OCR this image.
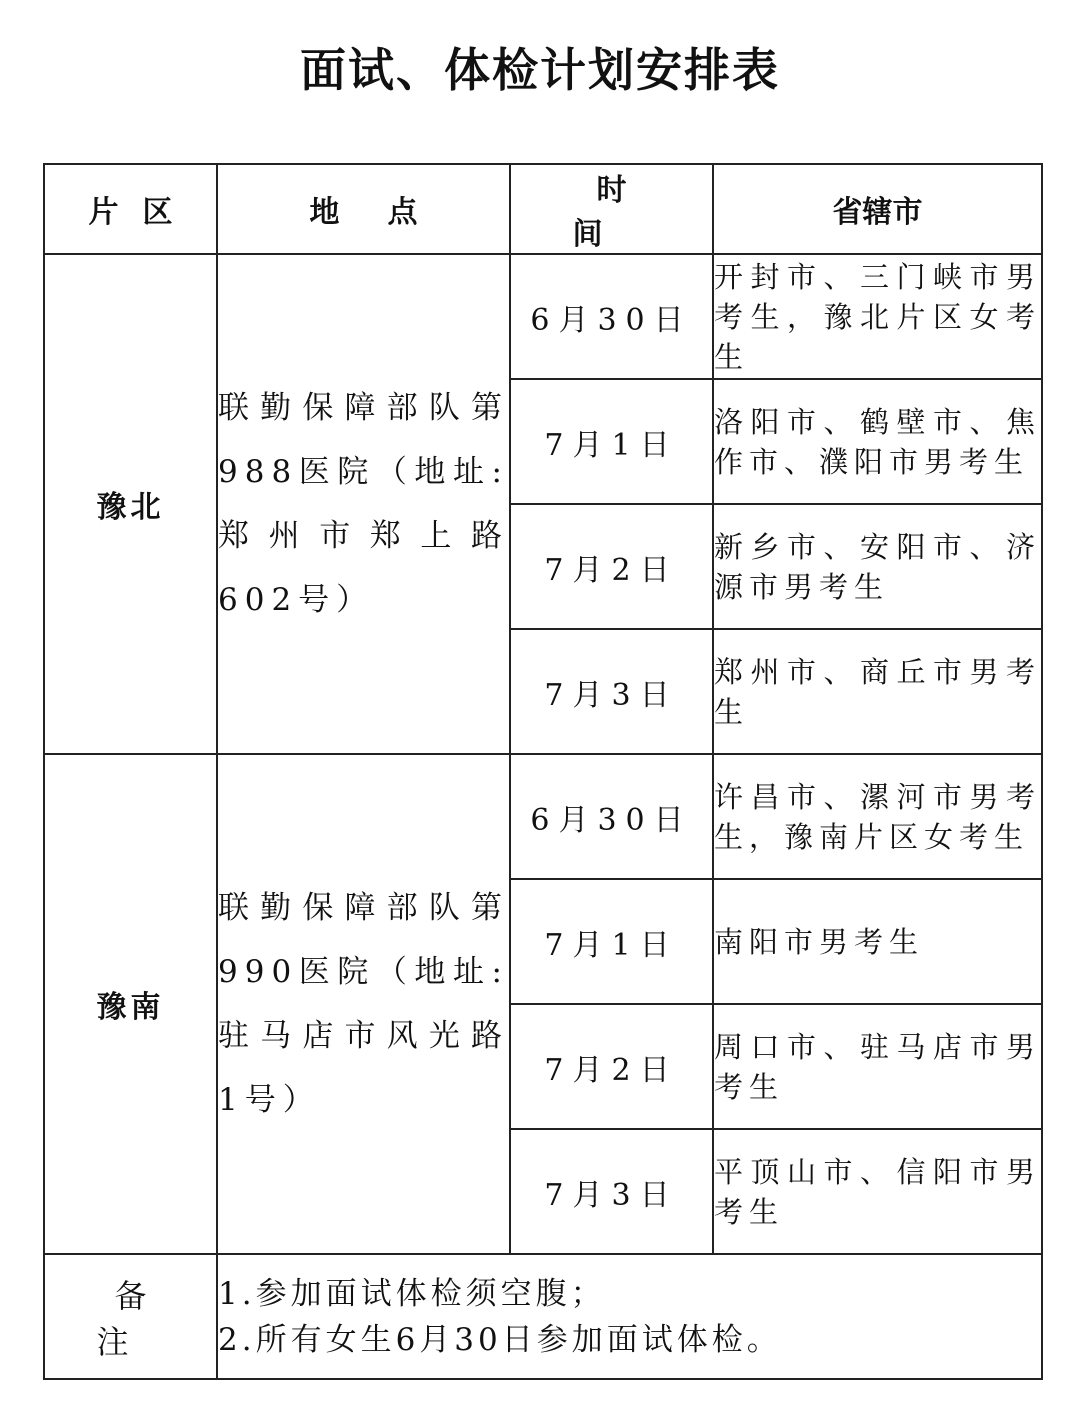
面试、体检计划安排表
片区	地点	时间	省辖市
豫北	联勤保障部队第988医院（地址:郑州市郑上路602号）	6月30日	开封市、三门峡市男考生，豫北片区女考生
		7月1日	洛阳市、鹤壁市、焦作市、濮阳市男考生
		7月2日	新乡市、安阳市、济源市男考生
		7月3日	郑州市、商丘市男考生
豫南	联勤保障部队第990医院（地址:驻马店市风光路1号）	6月30日	许昌市、漯河市男考生，豫南片区女考生
		7月1日	南阳市男考生
		7月2日	周口市、驻马店市男考生
		7月3日	平顶山市、信阳市男考生
备注	1.参加面试体检须空腹；
2.所有女生6月30日参加面试体检。		
